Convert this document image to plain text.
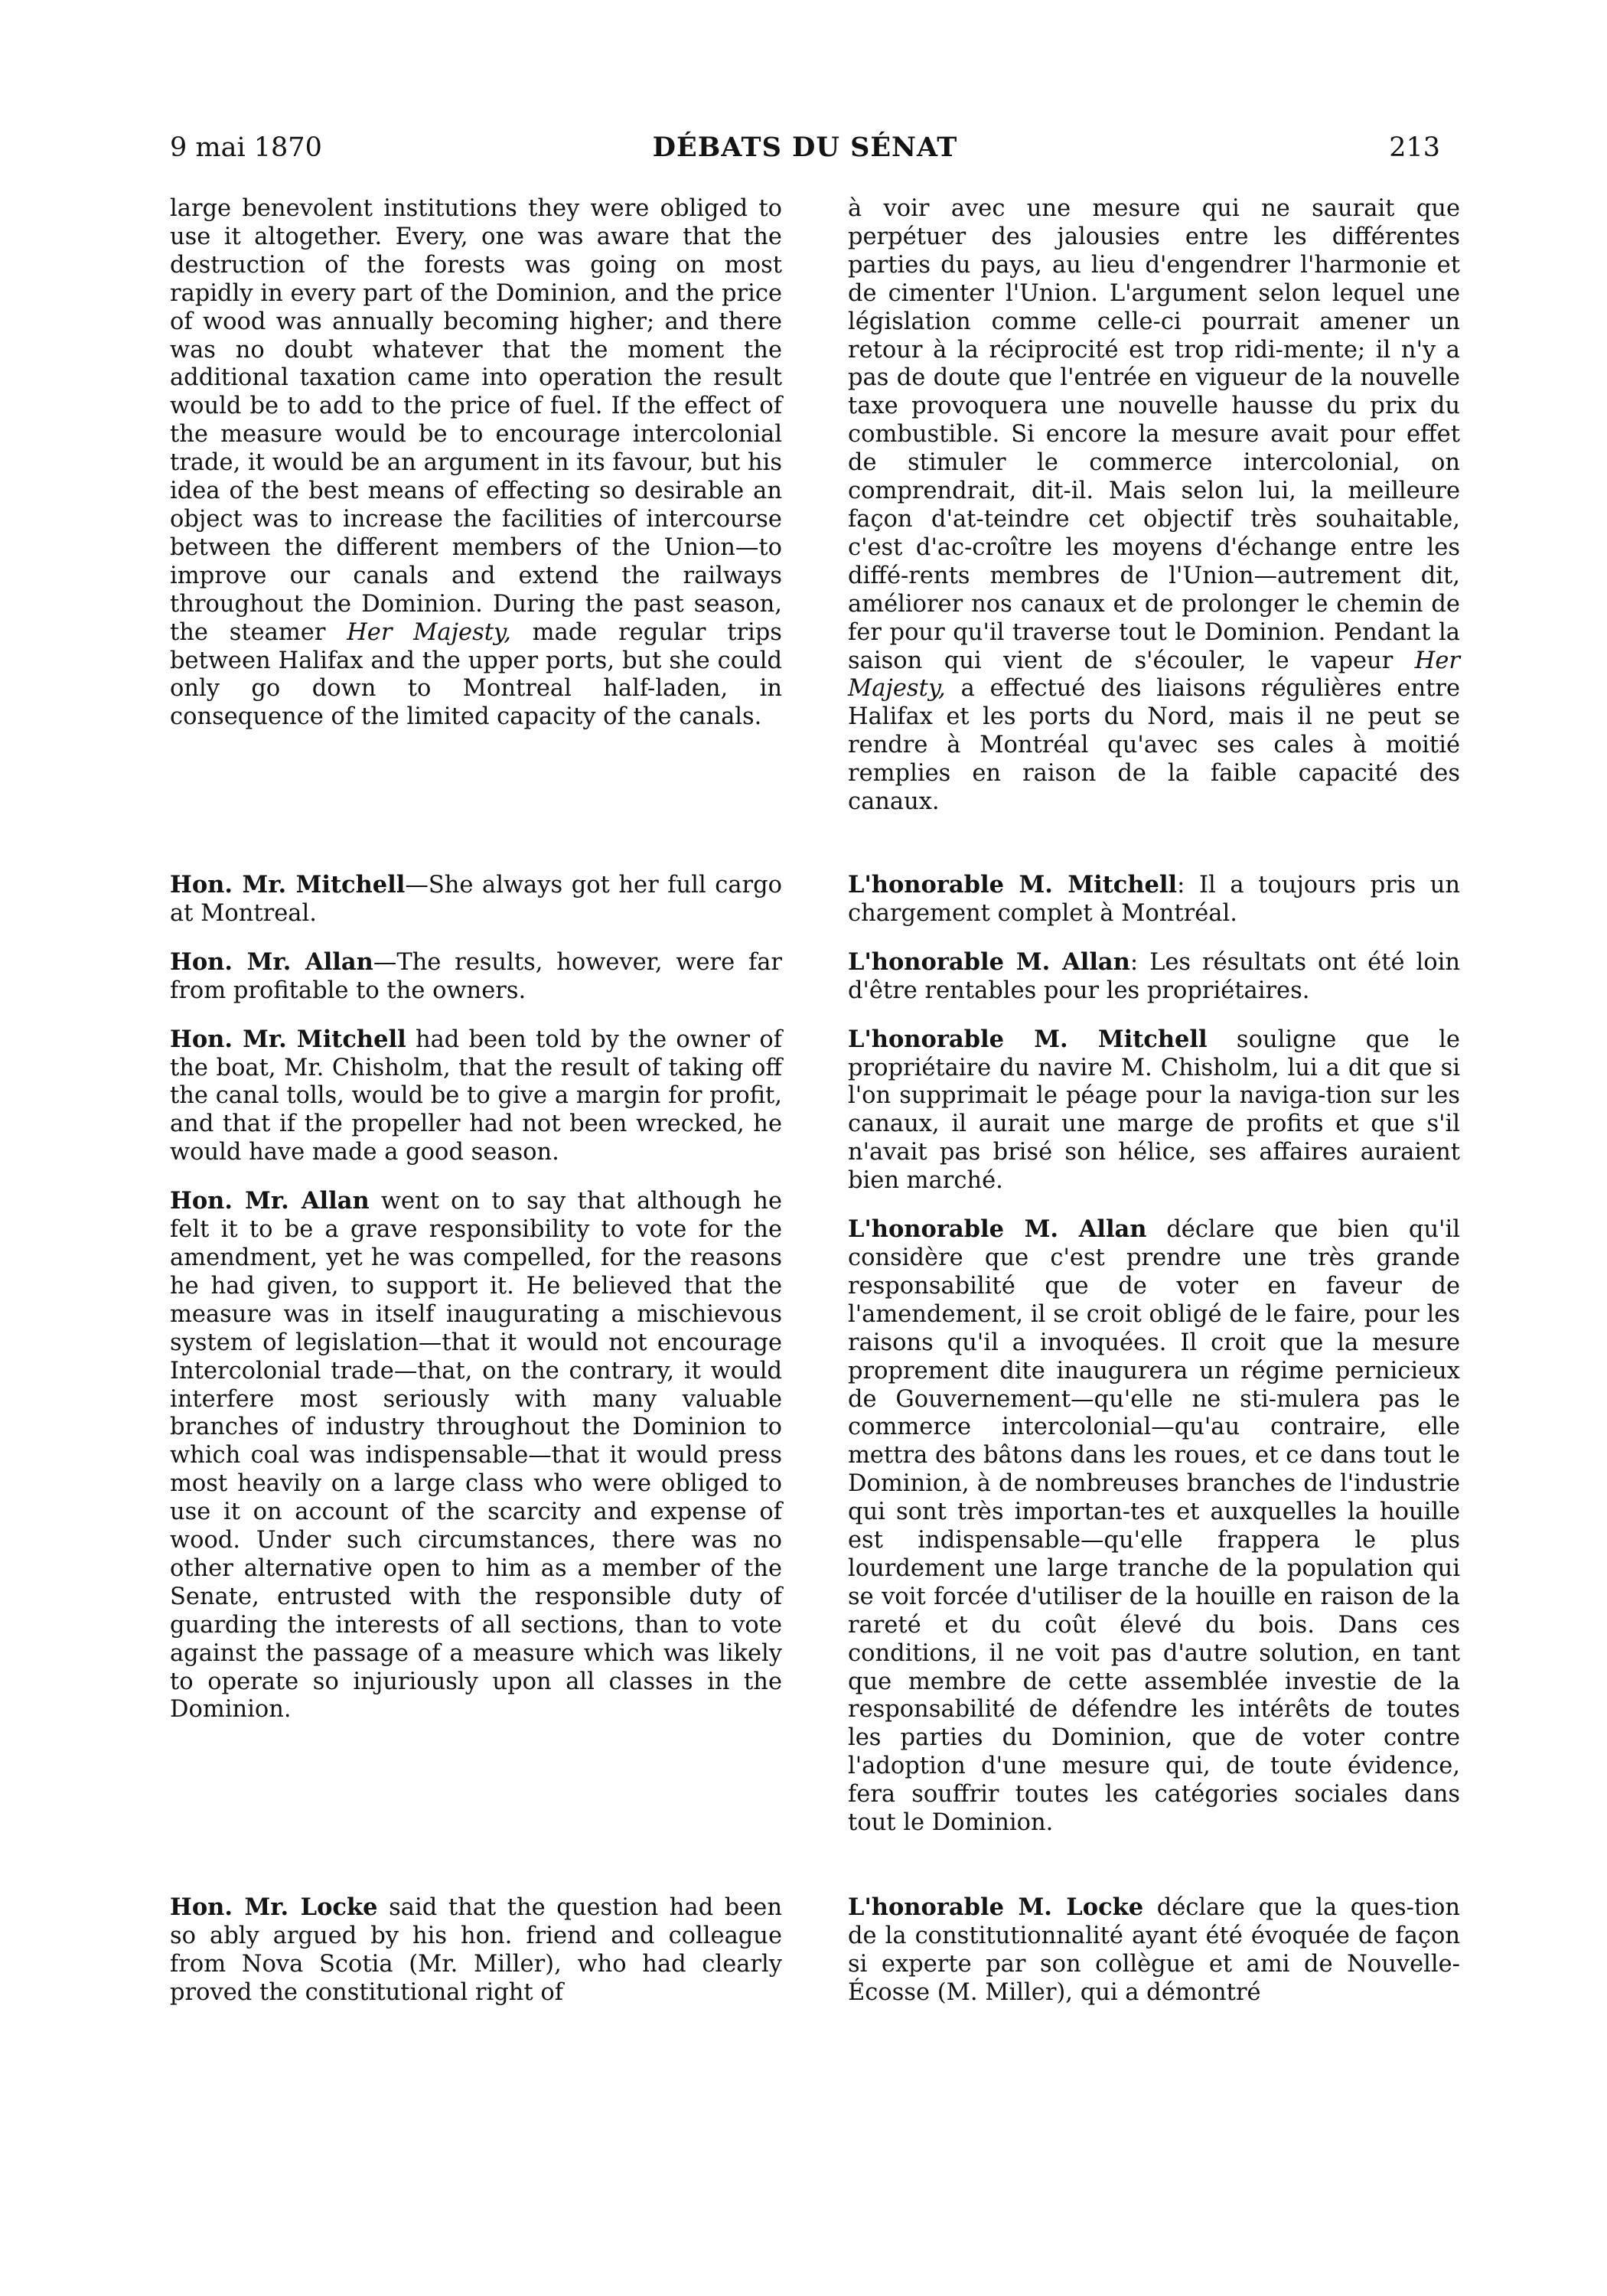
9 mai 1870	DÉBATS DU SÉNAT	213

large benevolent institutions they were obliged to use it altogether. Every, one was aware that the destruction of the forests was going on most rapidly in every part of the Dominion, and the price of wood was annually becoming higher; and there was no doubt whatever that the moment the additional taxation came into operation the result would be to add to the price of fuel. If the effect of the measure would be to encourage intercolonial trade, it would be an argument in its favour, but his idea of the best means of effecting so desirable an object was to increase the facilities of intercourse between the different members of the Union—to improve our canals and extend the railways throughout the Dominion. During the past season, the steamer Her Majesty, made regular trips between Halifax and the upper ports, but she could only go down to Montreal half-laden, in consequence of the limited capacity of the canals.

Hon. Mr. Mitchell—She always got her full cargo at Montreal.

Hon. Mr. Allan—The results, however, were far from profitable to the owners.

Hon. Mr. Mitchell had been told by the owner of the boat, Mr. Chisholm, that the result of taking off the canal tolls, would be to give a margin for profit, and that if the propeller had not been wrecked, he would have made a good season.

Hon. Mr. Allan went on to say that although he felt it to be a grave responsibility to vote for the amendment, yet he was compelled, for the reasons he had given, to support it. He believed that the measure was in itself inaugurating a mischievous system of legislation—that it would not encourage Intercolonial trade—that, on the contrary, it would interfere most seriously with many valuable branches of industry throughout the Dominion to which coal was indispensable—that it would press most heavily on a large class who were obliged to use it on account of the scarcity and expense of wood. Under such circumstances, there was no other alternative open to him as a member of the Senate, entrusted with the responsible duty of guarding the interests of all sections, than to vote against the passage of a measure which was likely to operate so injuriously upon all classes in the Dominion.

Hon. Mr. Locke said that the question had been so ably argued by his hon. friend and colleague from Nova Scotia (Mr. Miller), who had clearly proved the constitutional right of

à voir avec une mesure qui ne saurait que perpétuer des jalousies entre les différentes parties du pays, au lieu d'engendrer l'harmonie et de cimenter l'Union. L'argument selon lequel une législation comme celle-ci pourrait amener un retour à la réciprocité est trop ridi-mente; il n'y a pas de doute que l'entrée en vigueur de la nouvelle taxe provoquera une nouvelle hausse du prix du combustible. Si encore la mesure avait pour effet de stimuler le commerce intercolonial, on comprendrait, dit-il. Mais selon lui, la meilleure façon d'at-teindre cet objectif très souhaitable, c'est d'ac-croître les moyens d'échange entre les diffé-rents membres de l'Union—autrement dit, améliorer nos canaux et de prolonger le chemin de fer pour qu'il traverse tout le Dominion. Pendant la saison qui vient de s'écouler, le vapeur Her Majesty, a effectué des liaisons régulières entre Halifax et les ports du Nord, mais il ne peut se rendre à Montréal qu'avec ses cales à moitié remplies en raison de la faible capacité des canaux.

L'honorable M. Mitchell: Il a toujours pris un chargement complet à Montréal.

L'honorable M. Allan: Les résultats ont été loin d'être rentables pour les propriétaires.

L'honorable M. Mitchell souligne que le propriétaire du navire M. Chisholm, lui a dit que si l'on supprimait le péage pour la naviga-tion sur les canaux, il aurait une marge de profits et que s'il n'avait pas brisé son hélice, ses affaires auraient bien marché.

L'honorable M. Allan déclare que bien qu'il considère que c'est prendre une très grande responsabilité que de voter en faveur de l'amendement, il se croit obligé de le faire, pour les raisons qu'il a invoquées. Il croit que la mesure proprement dite inaugurera un régime pernicieux de Gouvernement—qu'elle ne sti-mulera pas le commerce intercolonial—qu'au contraire, elle mettra des bâtons dans les roues, et ce dans tout le Dominion, à de nombreuses branches de l'industrie qui sont très importan-tes et auxquelles la houille est indispensable—qu'elle frappera le plus lourdement une large tranche de la population qui se voit forcée d'utiliser de la houille en raison de la rareté et du coût élevé du bois. Dans ces conditions, il ne voit pas d'autre solution, en tant que membre de cette assemblée investie de la responsabilité de défendre les intérêts de toutes les parties du Dominion, que de voter contre l'adoption d'une mesure qui, de toute évidence, fera souffrir toutes les catégories sociales dans tout le Dominion.

L'honorable M. Locke déclare que la ques-tion de la constitutionnalité ayant été évoquée de façon si experte par son collègue et ami de Nouvelle-Écosse (M. Miller), qui a démontré
